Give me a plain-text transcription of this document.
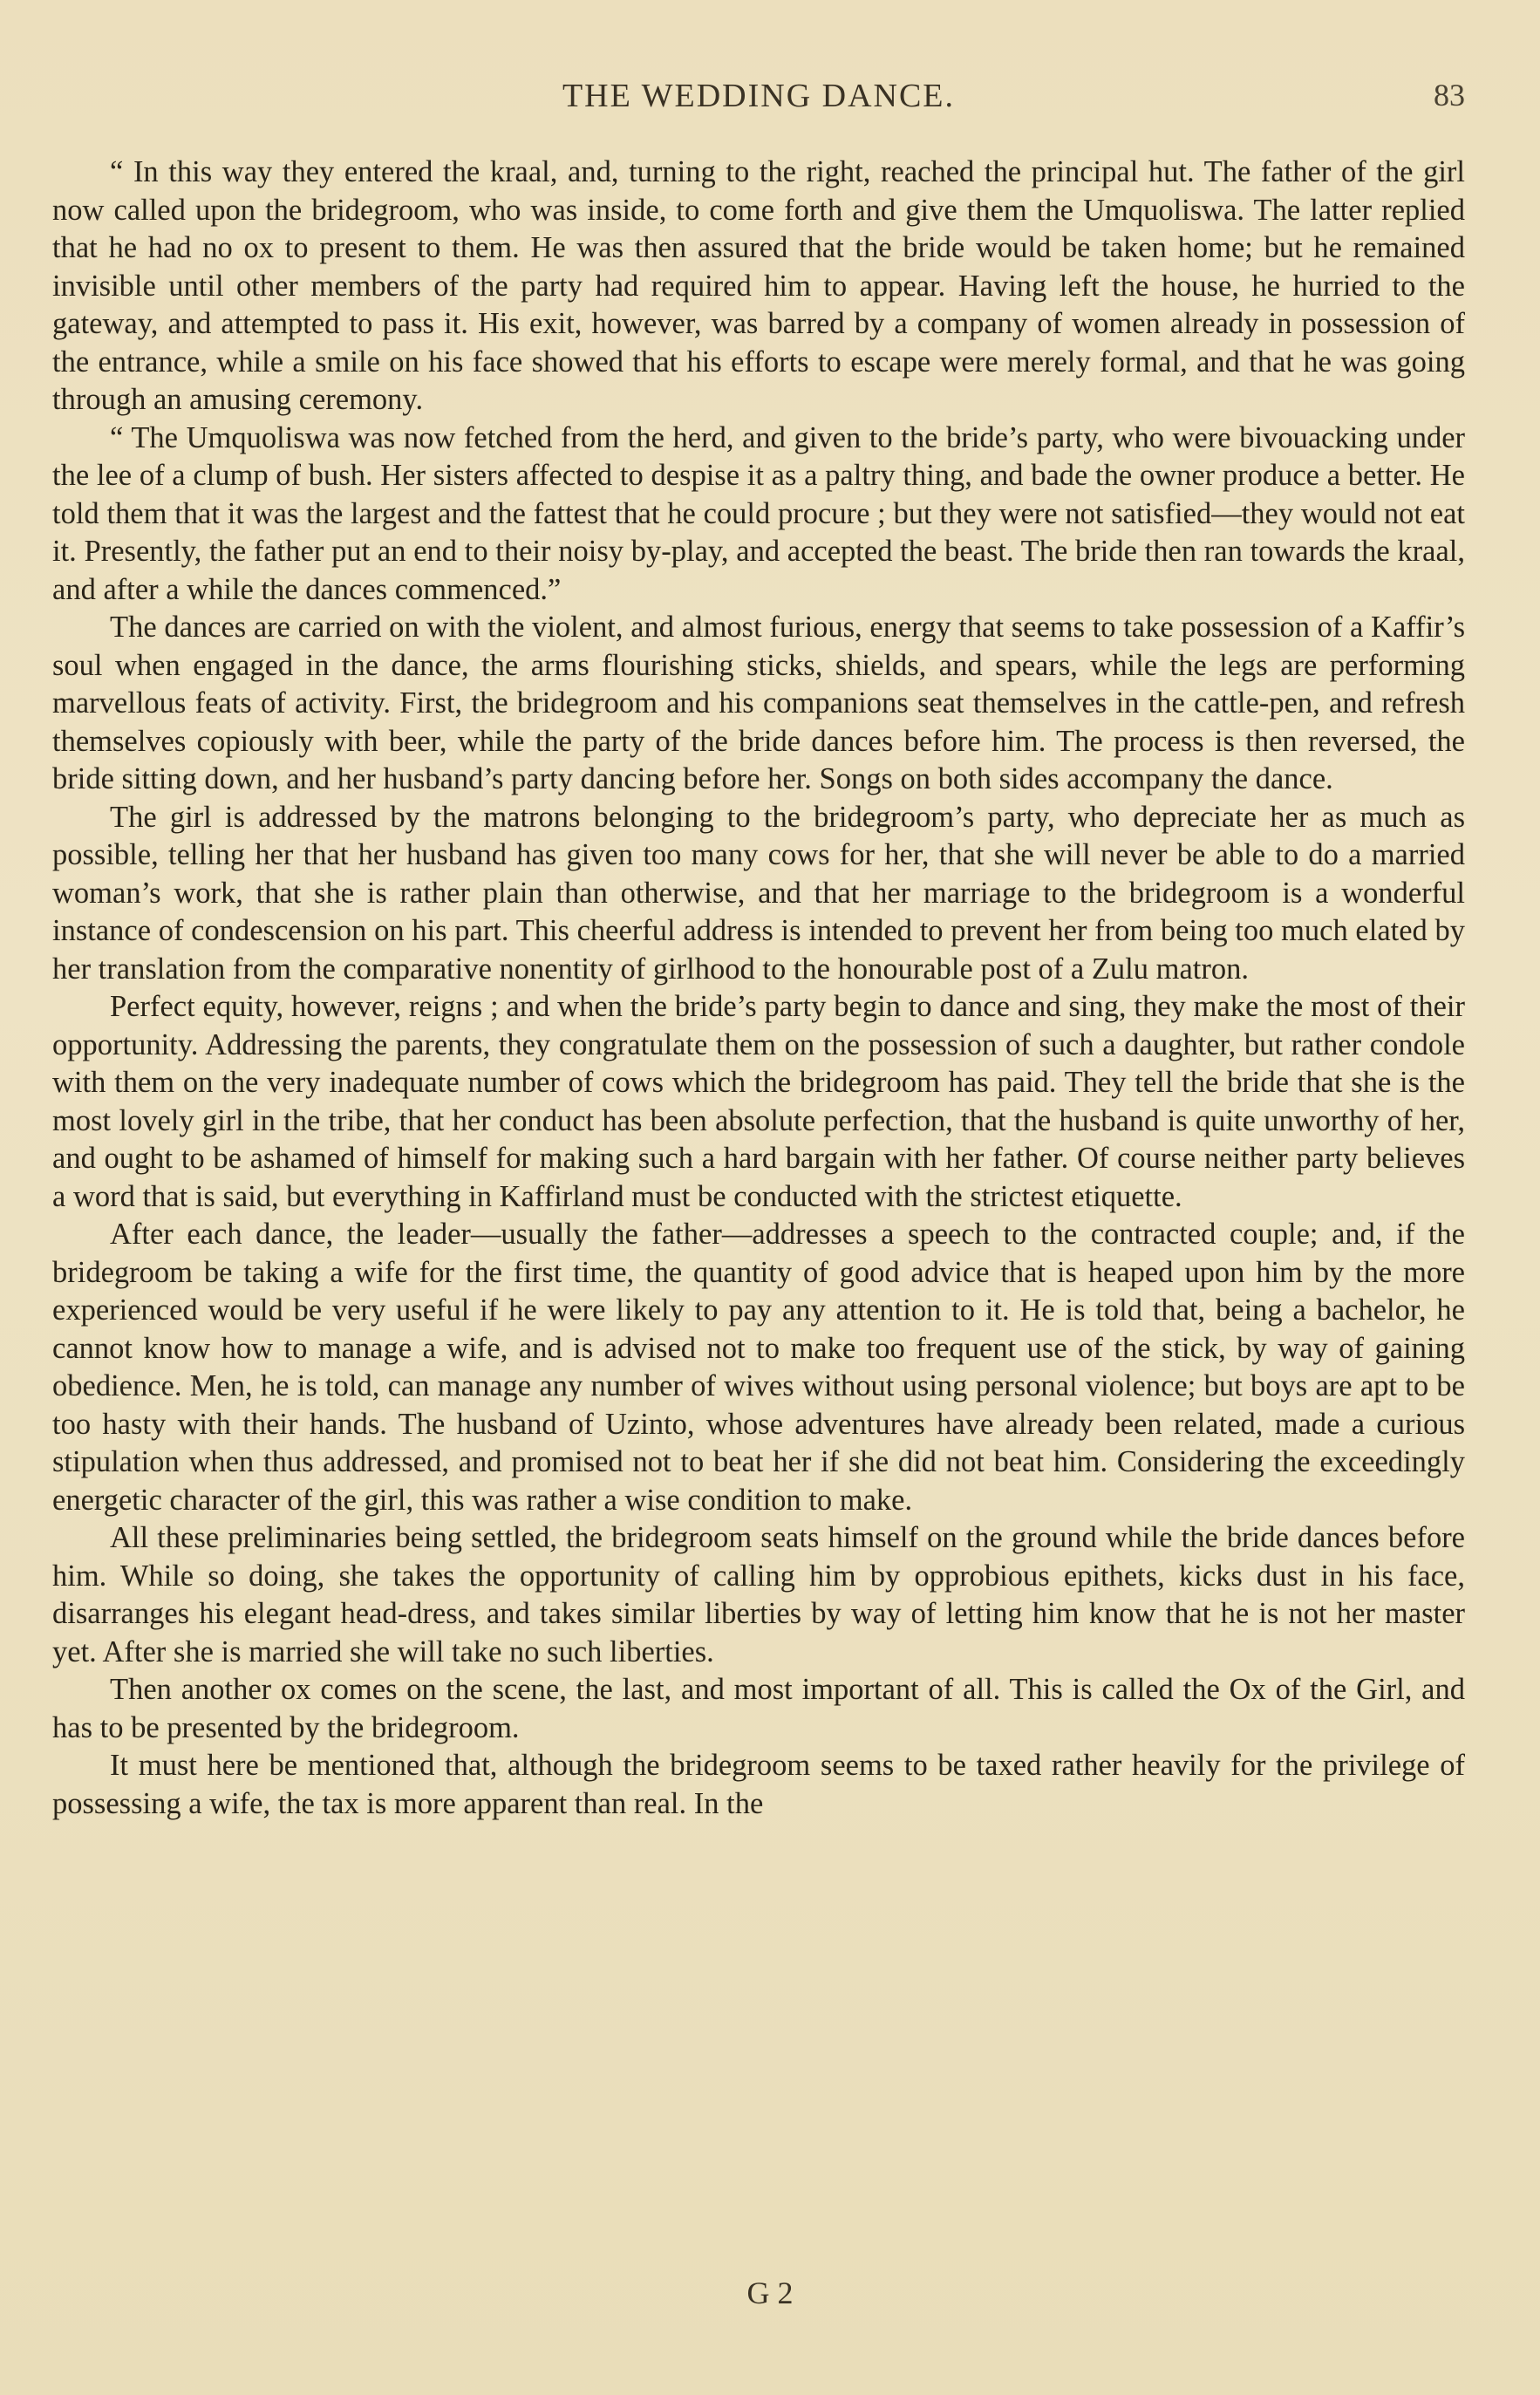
THE WEDDING DANCE.	83

“ In this way they entered the kraal, and, turning to the right, reached the principal hut. The father of the girl now called upon the bridegroom, who was inside, to come forth and give them the Umquoliswa. The latter replied that he had no ox to present to them. He was then assured that the bride would be taken home; but he remained invisible until other members of the party had required him to appear. Having left the house, he hurried to the gateway, and attempted to pass it. His exit, however, was barred by a company of women already in possession of the entrance, while a smile on his face showed that his efforts to escape were merely formal, and that he was going through an amusing ceremony.

“ The Umquoliswa was now fetched from the herd, and given to the bride’s party, who were bivouacking under the lee of a clump of bush. Her sisters affected to despise it as a paltry thing, and bade the owner produce a better. He told them that it was the largest and the fattest that he could procure ; but they were not satisfied—they would not eat it. Presently, the father put an end to their noisy by-play, and accepted the beast. The bride then ran towards the kraal, and after a while the dances commenced.”

The dances are carried on with the violent, and almost furious, energy that seems to take possession of a Kaffir’s soul when engaged in the dance, the arms flourishing sticks, shields, and spears, while the legs are performing marvellous feats of activity. First, the bridegroom and his companions seat themselves in the cattle-pen, and refresh themselves copiously with beer, while the party of the bride dances before him. The process is then reversed, the bride sitting down, and her husband’s party dancing before her. Songs on both sides accompany the dance.

The girl is addressed by the matrons belonging to the bridegroom’s party, who depreciate her as much as possible, telling her that her husband has given too many cows for her, that she will never be able to do a married woman’s work, that she is rather plain than otherwise, and that her marriage to the bridegroom is a wonderful instance of condescension on his part. This cheerful address is intended to prevent her from being too much elated by her translation from the comparative nonentity of girlhood to the honourable post of a Zulu matron.

Perfect equity, however, reigns ; and when the bride’s party begin to dance and sing, they make the most of their opportunity. Addressing the parents, they congratulate them on the possession of such a daughter, but rather condole with them on the very inadequate number of cows which the bridegroom has paid. They tell the bride that she is the most lovely girl in the tribe, that her conduct has been absolute perfection, that the husband is quite unworthy of her, and ought to be ashamed of himself for making such a hard bargain with her father. Of course neither party believes a word that is said, but everything in Kaffirland must be conducted with the strictest etiquette.

After each dance, the leader—usually the father—addresses a speech to the contracted couple; and, if the bridegroom be taking a wife for the first time, the quantity of good advice that is heaped upon him by the more experienced would be very useful if he were likely to pay any attention to it. He is told that, being a bachelor, he cannot know how to manage a wife, and is advised not to make too frequent use of the stick, by way of gaining obedience. Men, he is told, can manage any number of wives without using personal violence; but boys are apt to be too hasty with their hands. The husband of Uzinto, whose adventures have already been related, made a curious stipulation when thus addressed, and promised not to beat her if she did not beat him. Considering the exceedingly energetic character of the girl, this was rather a wise condition to make.

All these preliminaries being settled, the bridegroom seats himself on the ground while the bride dances before him. While so doing, she takes the opportunity of calling him by opprobious epithets, kicks dust in his face, disarranges his elegant head-dress, and takes similar liberties by way of letting him know that he is not her master yet. After she is married she will take no such liberties.

Then another ox comes on the scene, the last, and most important of all. This is called the Ox of the Girl, and has to be presented by the bridegroom.

It must here be mentioned that, although the bridegroom seems to be taxed rather heavily for the privilege of possessing a wife, the tax is more apparent than real. In the

G 2
